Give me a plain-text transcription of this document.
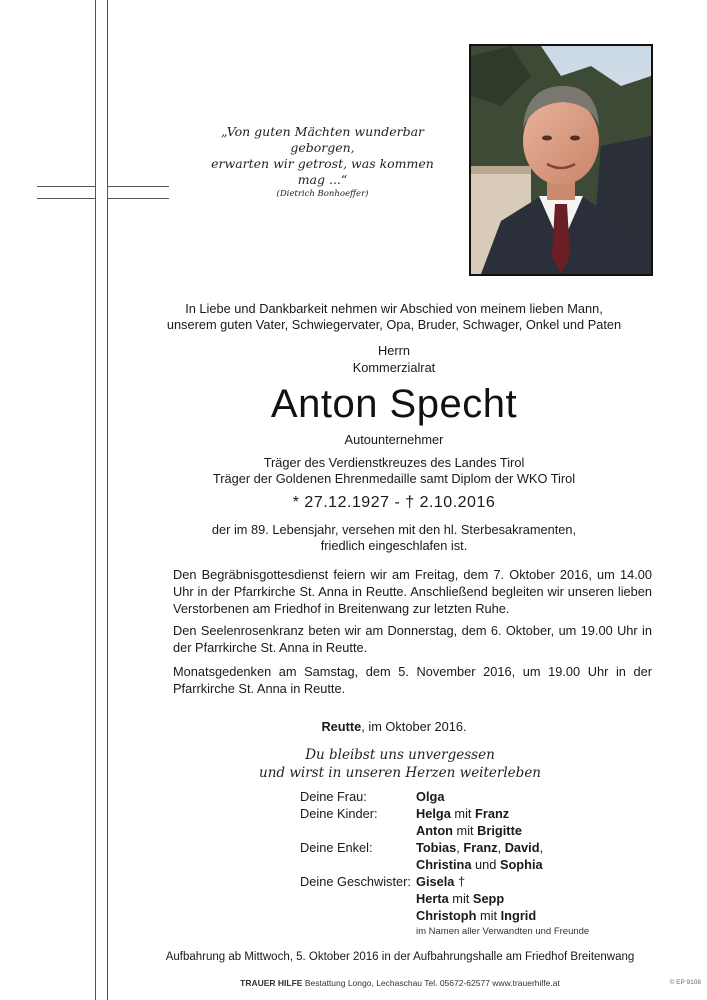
„Von guten Mächten wunderbar geborgen,
erwarten wir getrost, was kommen mag ...“
(Dietrich Bonhoeffer)
In Liebe und Dankbarkeit nehmen wir Abschied von meinem lieben Mann,
unserem guten Vater, Schwiegervater, Opa, Bruder, Schwager, Onkel und Paten
Herrn
Kommerzialrat
Anton Specht
Autounternehmer
Träger des Verdienstkreuzes des Landes Tirol
Träger der Goldenen Ehrenmedaille samt Diplom der WKO Tirol
* 27.12.1927 - † 2.10.2016
der im 89. Lebensjahr, versehen mit den hl. Sterbesakramenten,
friedlich eingeschlafen ist.
Den Begräbnisgottesdienst feiern wir am Freitag, dem 7. Oktober 2016, um 14.00 Uhr in der Pfarrkirche St. Anna in Reutte. Anschließend begleiten wir unseren lieben Verstorbenen am Friedhof in Breitenwang zur letzten Ruhe.
Den Seelenrosenkranz beten wir am Donnerstag, dem 6. Oktober, um 19.00 Uhr in der Pfarrkirche St. Anna in Reutte.
Monatsgedenken am Samstag, dem 5. November 2016, um 19.00 Uhr in der Pfarrkirche St. Anna in Reutte.
Reutte, im Oktober 2016.
Du bleibst uns unvergessen
und wirst in unseren Herzen weiterleben
Deine Frau:	Olga
Deine Kinder:	Helga mit Franz
Anton mit Brigitte
Deine Enkel:	Tobias, Franz, David,
Christina und Sophia
Deine Geschwister: Gisela †
Herta mit Sepp
Christoph mit Ingrid
im Namen aller Verwandten und Freunde
Aufbahrung ab Mittwoch, 5. Oktober 2016 in der Aufbahrungshalle am Friedhof Breitenwang
TRAUER HILFE Bestattung Longo, Lechaschau Tel. 05672-62577 www.trauerhilfe.at	© EP 9108
